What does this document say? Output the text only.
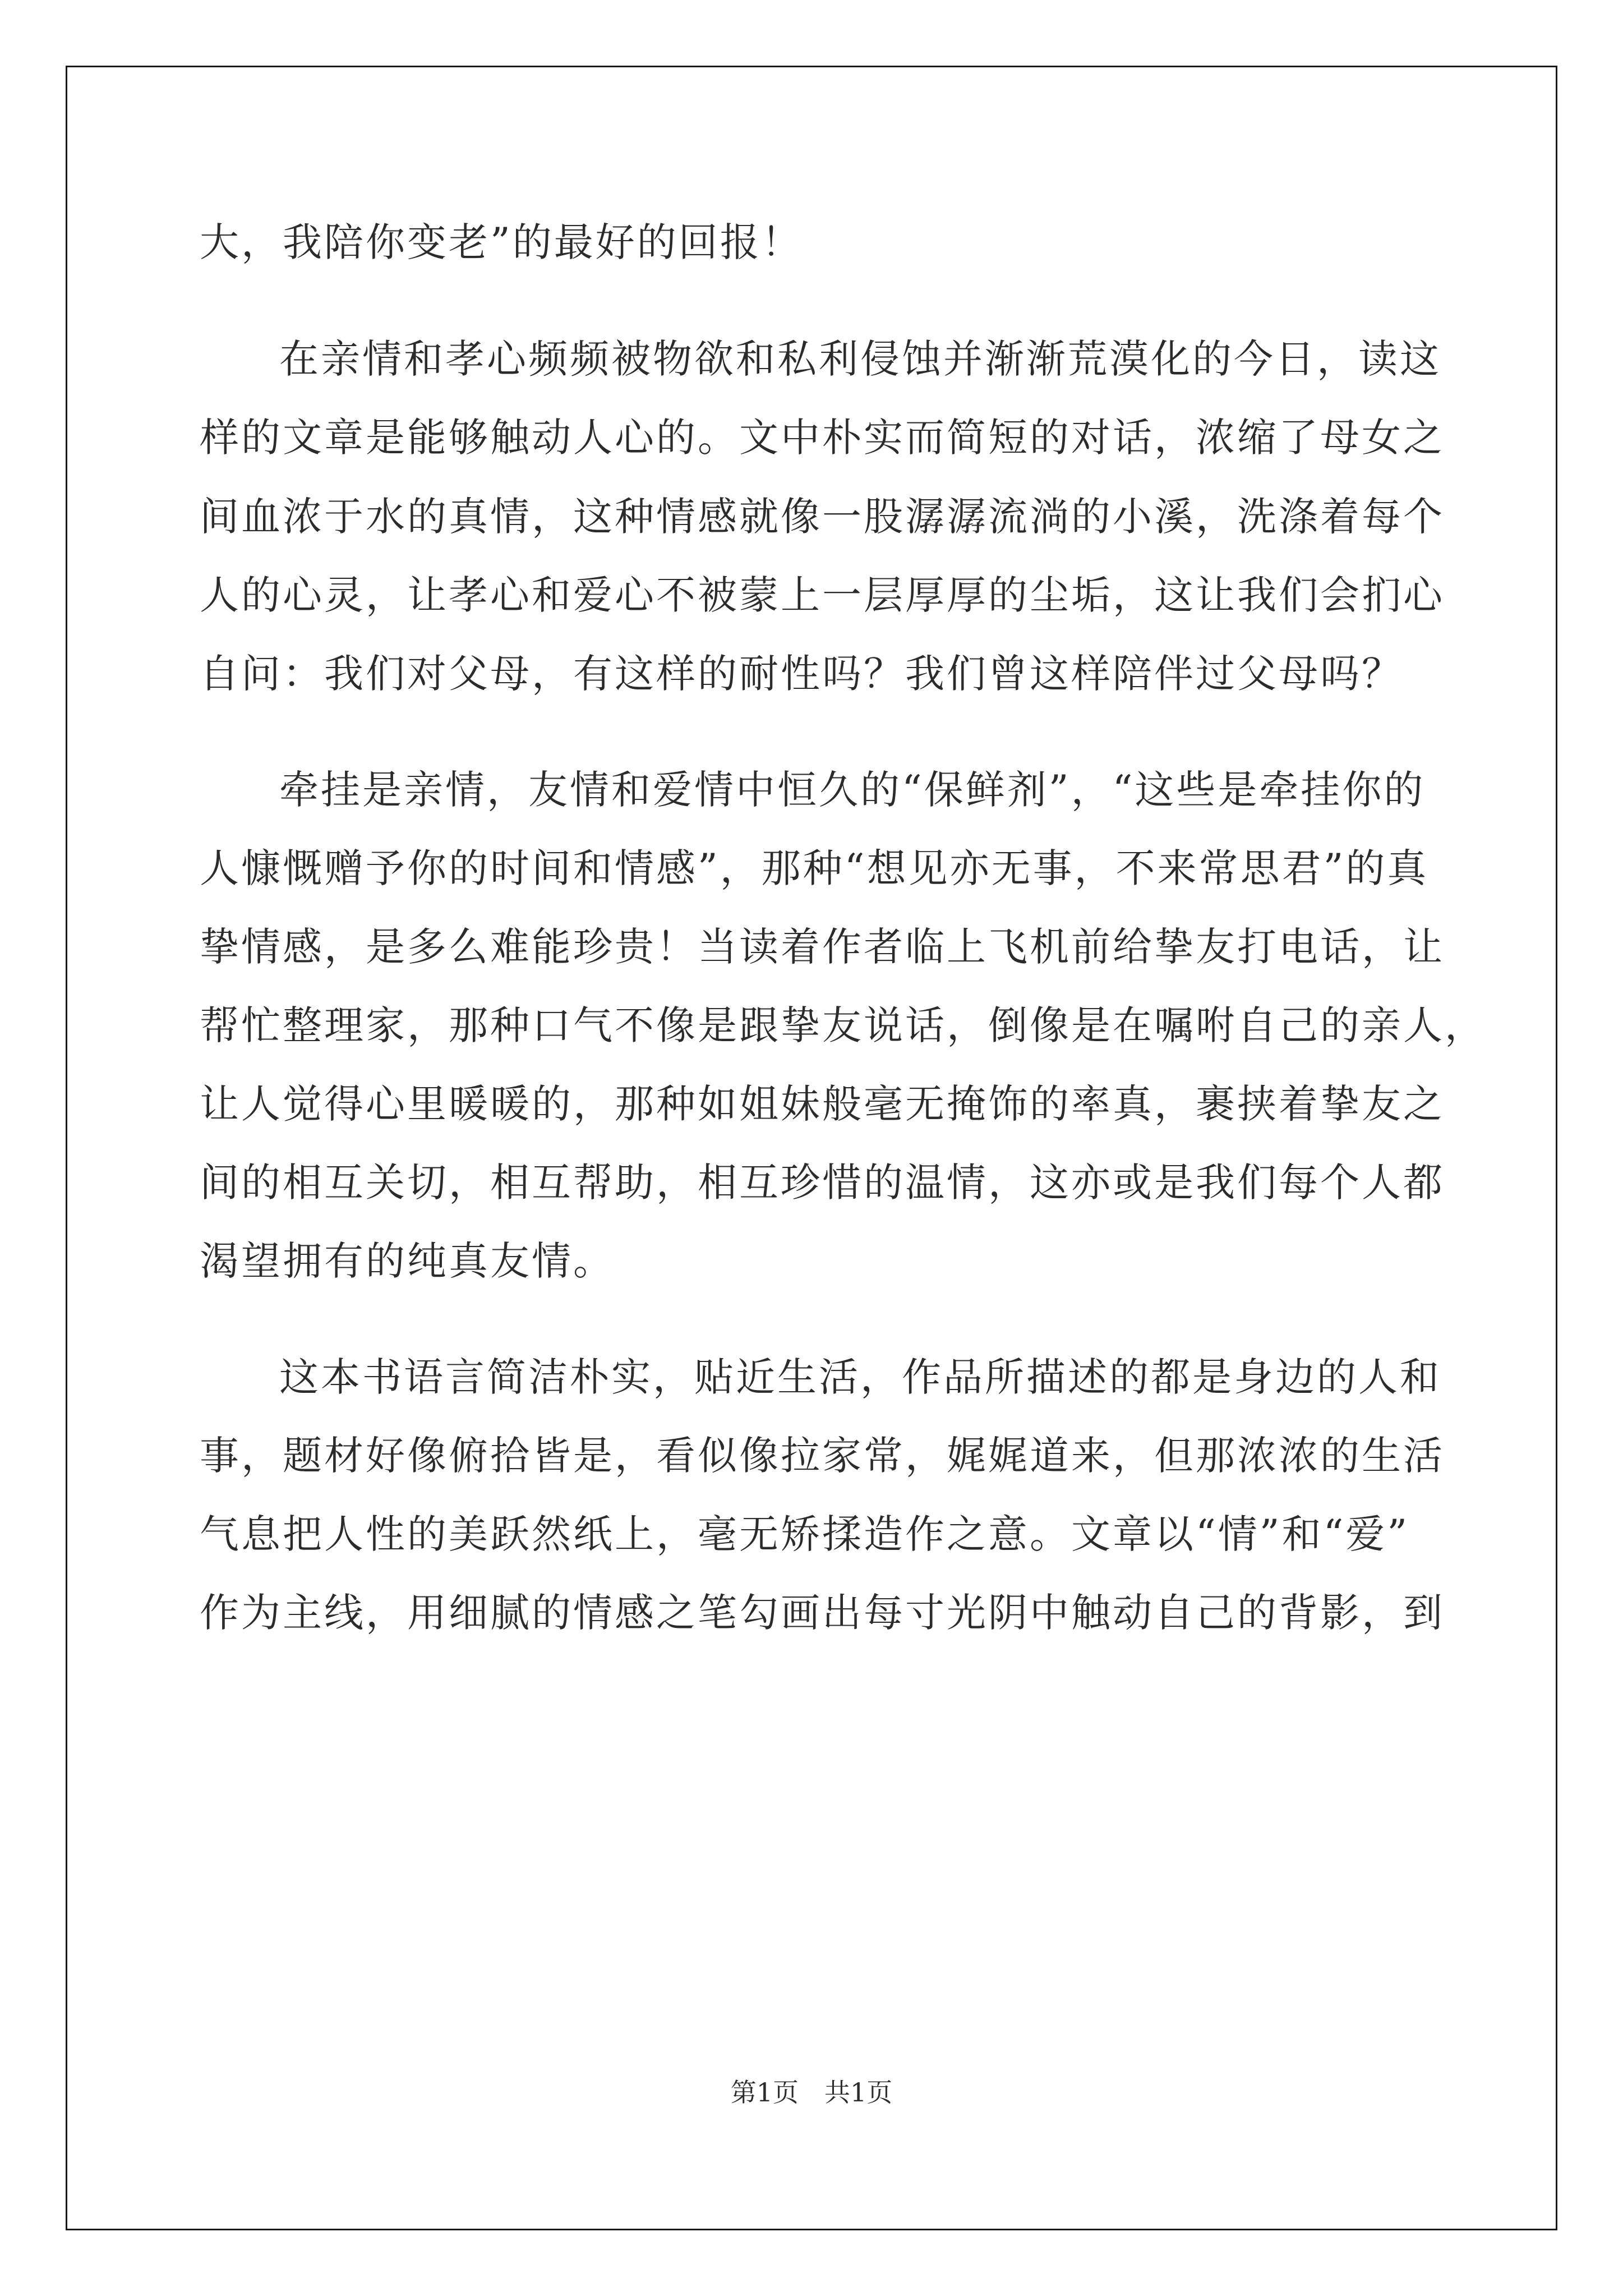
大，我陪你变老”的最好的回报！

在亲情和孝心频频被物欲和私利侵蚀并渐渐荒漠化的今日，读这

样的文章是能够触动人心的。文中朴实而简短的对话，浓缩了母女之

间血浓于水的真情，这种情感就像一股潺潺流淌的小溪，洗涤着每个

人的心灵，让孝心和爱心不被蒙上一层厚厚的尘垢，这让我们会扪心

自问：我们对父母，有这样的耐性吗？我们曾这样陪伴过父母吗？

牵挂是亲情，友情和爱情中恒久的“保鲜剂”，“这些是牵挂你的

人慷慨赠予你的时间和情感”，那种“想见亦无事，不来常思君”的真

挚情感，是多么难能珍贵！当读着作者临上飞机前给挚友打电话，让

帮忙整理家，那种口气不像是跟挚友说话，倒像是在嘱咐自己的亲人，

让人觉得心里暖暖的，那种如姐妹般毫无掩饰的率真，裹挟着挚友之

间的相互关切，相互帮助，相互珍惜的温情，这亦或是我们每个人都

渴望拥有的纯真友情。

这本书语言简洁朴实，贴近生活，作品所描述的都是身边的人和

事，题材好像俯拾皆是，看似像拉家常，娓娓道来，但那浓浓的生活

气息把人性的美跃然纸上，毫无矫揉造作之意。文章以“情”和“爱”

作为主线，用细腻的情感之笔勾画出每寸光阴中触动自己的背影，到

第1页　共1页
